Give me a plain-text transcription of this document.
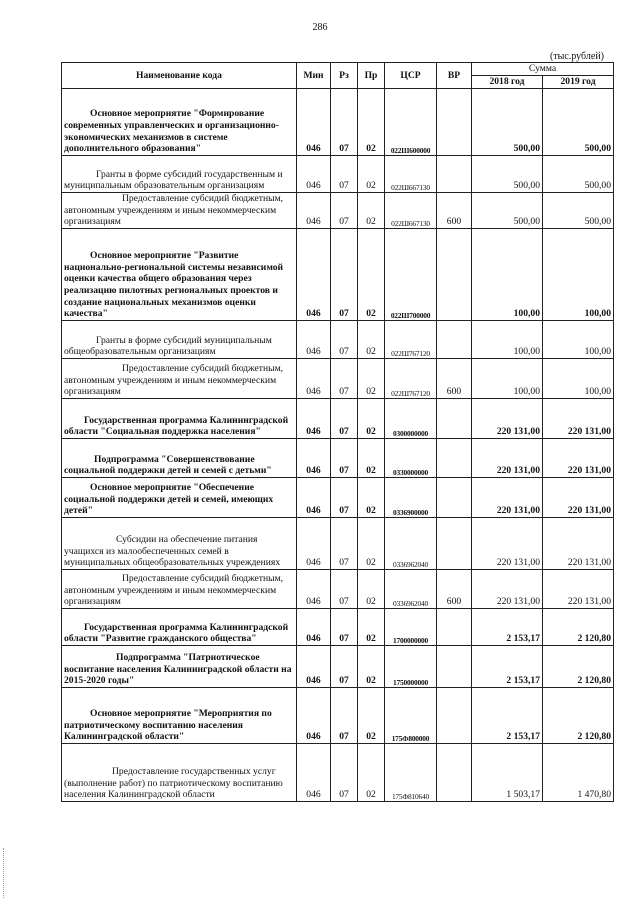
286
(тыс.рублей)
Наименование кода	Мин	Рз	Пр	ЦСР	ВР	Сумма	
						2018 год	2019 год
Основное мероприятие "Формирование современных управленческих и организационно-экономических механизмов в системе дополнительного образования"	046	07	02	022Ш600000		500,00	500,00
Гранты в форме субсидий государственным и муниципальным образовательным организациям	046	07	02	022Ш667130		500,00	500,00
Предоставление субсидий бюджетным, автономным учреждениям и иным некоммерческим организациям	046	07	02	022Ш667130	600	500,00	500,00
Основное мероприятие "Развитие национально-региональной системы независимой оценки качества общего образования через реализацию пилотных региональных проектов и создание национальных механизмов оценки качества"	046	07	02	022Ш700000		100,00	100,00
Гранты в форме субсидий муниципальным общеобразовательным организациям	046	07	02	022Ш767120		100,00	100,00
Предоставление субсидий бюджетным, автономным учреждениям и иным некоммерческим организациям	046	07	02	022Ш767120	600	100,00	100,00
Государственная программа Калининградской области "Социальная поддержка населения"	046	07	02	0300000000		220 131,00	220 131,00
Подпрограмма "Совершенствование социальной поддержки детей и семей с детьми"	046	07	02	0330000000		220 131,00	220 131,00
Основное мероприятие "Обеспечение социальной поддержки детей и семей, имеющих детей"	046	07	02	0336900000		220 131,00	220 131,00
Субсидии на обеспечение питания учащихся из малообеспеченных семей в муниципальных общеобразовательных учреждениях	046	07	02	0336962040		220 131,00	220 131,00
Предоставление субсидий бюджетным, автономным учреждениям и иным некоммерческим организациям	046	07	02	0336962040	600	220 131,00	220 131,00
Государственная программа Калининградской области "Развитие гражданского общества"	046	07	02	1700000000		2 153,17	2 120,80
Подпрограмма "Патриотическое воспитание населения Калининградской области на 2015-2020 годы"	046	07	02	1750000000		2 153,17	2 120,80
Основное мероприятие "Мероприятия по патриотическому воспитанию населения Калининградской области"	046	07	02	175Ф800000		2 153,17	2 120,80
Предоставление государственных услуг (выполнение работ) по патриотическому воспитанию населения Калининградской области	046	07	02	175Ф810640		1 503,17	1 470,80
